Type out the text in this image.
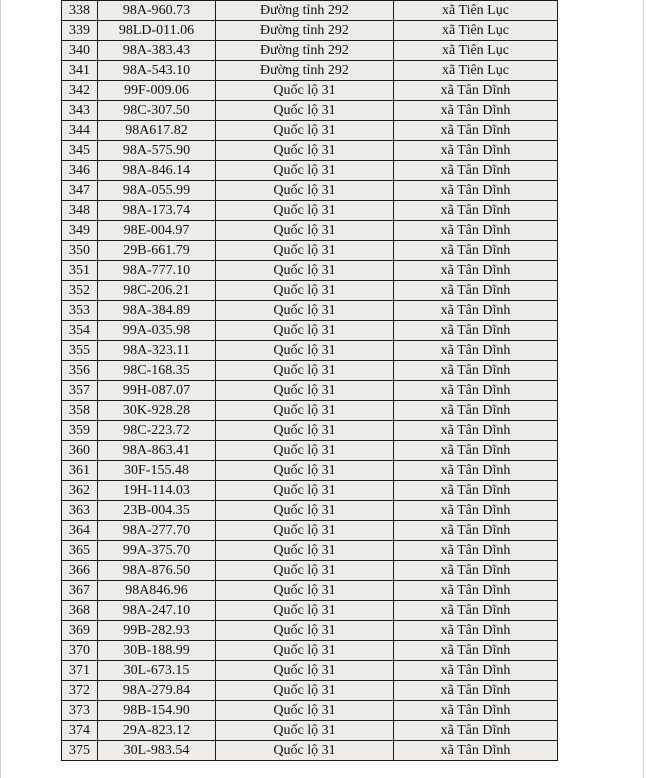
338	98A-960.73	Đường tỉnh 292	xã Tiên Lục
339	98LD-011.06	Đường tỉnh 292	xã Tiên Lục
340	98A-383.43	Đường tỉnh 292	xã Tiên Lục
341	98A-543.10	Đường tỉnh 292	xã Tiên Lục
342	99F-009.06	Quốc lộ 31	xã Tân Dĩnh
343	98C-307.50	Quốc lộ 31	xã Tân Dĩnh
344	98A617.82	Quốc lộ 31	xã Tân Dĩnh
345	98A-575.90	Quốc lộ 31	xã Tân Dĩnh
346	98A-846.14	Quốc lộ 31	xã Tân Dĩnh
347	98A-055.99	Quốc lộ 31	xã Tân Dĩnh
348	98A-173.74	Quốc lộ 31	xã Tân Dĩnh
349	98E-004.97	Quốc lộ 31	xã Tân Dĩnh
350	29B-661.79	Quốc lộ 31	xã Tân Dĩnh
351	98A-777.10	Quốc lộ 31	xã Tân Dĩnh
352	98C-206.21	Quốc lộ 31	xã Tân Dĩnh
353	98A-384.89	Quốc lộ 31	xã Tân Dĩnh
354	99A-035.98	Quốc lộ 31	xã Tân Dĩnh
355	98A-323.11	Quốc lộ 31	xã Tân Dĩnh
356	98C-168.35	Quốc lộ 31	xã Tân Dĩnh
357	99H-087.07	Quốc lộ 31	xã Tân Dĩnh
358	30K-928.28	Quốc lộ 31	xã Tân Dĩnh
359	98C-223.72	Quốc lộ 31	xã Tân Dĩnh
360	98A-863.41	Quốc lộ 31	xã Tân Dĩnh
361	30F-155.48	Quốc lộ 31	xã Tân Dĩnh
362	19H-114.03	Quốc lộ 31	xã Tân Dĩnh
363	23B-004.35	Quốc lộ 31	xã Tân Dĩnh
364	98A-277.70	Quốc lộ 31	xã Tân Dĩnh
365	99A-375.70	Quốc lộ 31	xã Tân Dĩnh
366	98A-876.50	Quốc lộ 31	xã Tân Dĩnh
367	98A846.96	Quốc lộ 31	xã Tân Dĩnh
368	98A-247.10	Quốc lộ 31	xã Tân Dĩnh
369	99B-282.93	Quốc lộ 31	xã Tân Dĩnh
370	30B-188.99	Quốc lộ 31	xã Tân Dĩnh
371	30L-673.15	Quốc lộ 31	xã Tân Dĩnh
372	98A-279.84	Quốc lộ 31	xã Tân Dĩnh
373	98B-154.90	Quốc lộ 31	xã Tân Dĩnh
374	29A-823.12	Quốc lộ 31	xã Tân Dĩnh
375	30L-983.54	Quốc lộ 31	xã Tân Dĩnh
